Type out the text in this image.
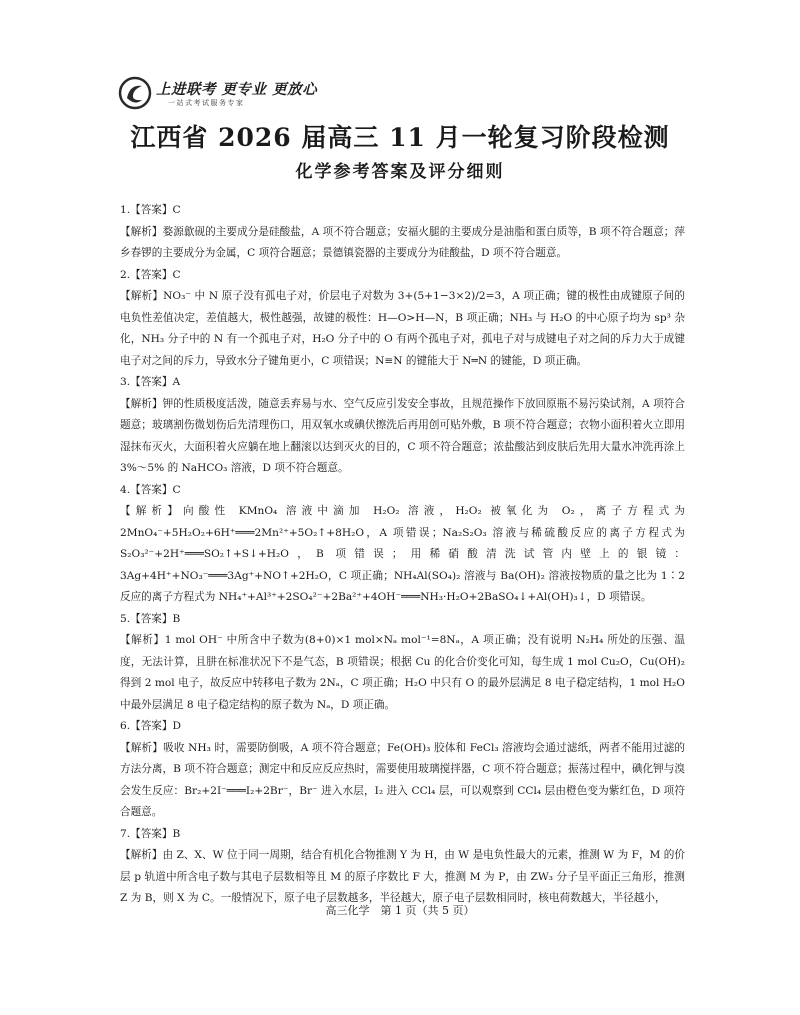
上进联考 更专业 更放心
一站式考试服务专家
江西省 2026 届高三 11 月一轮复习阶段检测
化学参考答案及评分细则

1.【答案】C

【解析】婺源歙砚的主要成分是硅酸盐，A 项不符合题意；安福火腿的主要成分是油脂和蛋白质等，B 项不符合题意；萍乡春锣的主要成分为金属，C 项符合题意；景德镇瓷器的主要成分为硅酸盐，D 项不符合题意。

2.【答案】C

【解析】NO₃⁻ 中 N 原子没有孤电子对，价层电子对数为 3+(5+1−3×2)/2=3，A 项正确；键的极性由成键原子间的电负性差值决定，差值越大，极性越强，故键的极性：H—O>H—N，B 项正确；NH₃ 与 H₂O 的中心原子均为 sp³ 杂化，NH₃ 分子中的 N 有一个孤电子对，H₂O 分子中的 O 有两个孤电子对，孤电子对与成键电子对之间的斥力大于成键电子对之间的斥力，导致水分子键角更小，C 项错误；N≡N 的键能大于 N═N 的键能，D 项正确。

3.【答案】A

【解析】钾的性质极度活泼，随意丢弃易与水、空气反应引发安全事故，且规范操作下放回原瓶不易污染试剂，A 项符合题意；玻璃割伤微划伤后先清理伤口，用双氧水或碘伏擦洗后再用创可贴外敷，B 项不符合题意；衣物小面积着火立即用湿抹布灭火，大面积着火应躺在地上翻滚以达到灭火的目的，C 项不符合题意；浓盐酸沾到皮肤后先用大量水冲洗再涂上 3%～5% 的 NaHCO₃ 溶液，D 项不符合题意。

4.【答案】C

【解析】向酸性 KMnO₄ 溶液中滴加 H₂O₂ 溶液，H₂O₂ 被氧化为 O₂，离子方程式为 2MnO₄⁻+5H₂O₂+6H⁺═══2Mn²⁺+5O₂↑+8H₂O，A 项错误；Na₂S₂O₃ 溶液与稀硫酸反应的离子方程式为 S₂O₃²⁻+2H⁺═══SO₂↑+S↓+H₂O，B 项错误；用稀硝酸清洗试管内壁上的银镜：3Ag+4H⁺+NO₃⁻═══3Ag⁺+NO↑+2H₂O，C 项正确；NH₄Al(SO₄)₂ 溶液与 Ba(OH)₂ 溶液按物质的量之比为 1∶2 反应的离子方程式为 NH₄⁺+Al³⁺+2SO₄²⁻+2Ba²⁺+4OH⁻═══NH₃·H₂O+2BaSO₄↓+Al(OH)₃↓，D 项错误。

5.【答案】B

【解析】1 mol OH⁻ 中所含中子数为(8+0)×1 mol×Nₐ mol⁻¹=8Nₐ，A 项正确；没有说明 N₂H₄ 所处的压强、温度，无法计算，且肼在标准状况下不是气态，B 项错误；根据 Cu 的化合价变化可知，每生成 1 mol Cu₂O，Cu(OH)₂ 得到 2 mol 电子，故反应中转移电子数为 2Nₐ，C 项正确；H₂O 中只有 O 的最外层满足 8 电子稳定结构，1 mol H₂O 中最外层满足 8 电子稳定结构的原子数为 Nₐ，D 项正确。

6.【答案】D

【解析】吸收 NH₃ 时，需要防倒吸，A 项不符合题意；Fe(OH)₃ 胶体和 FeCl₃ 溶液均会通过滤纸，两者不能用过滤的方法分离，B 项不符合题意；测定中和反应反应热时，需要使用玻璃搅拌器，C 项不符合题意；振荡过程中，碘化钾与溴会发生反应：Br₂+2I⁻═══I₂+2Br⁻，Br⁻ 进入水层，I₂ 进入 CCl₄ 层，可以观察到 CCl₄ 层由橙色变为紫红色，D 项符合题意。

7.【答案】B

【解析】由 Z、X、W 位于同一周期，结合有机化合物推测 Y 为 H，由 W 是电负性最大的元素，推测 W 为 F，M 的价层 p 轨道中所含电子数与其电子层数相等且 M 的原子序数比 F 大，推测 M 为 P，由 ZW₃ 分子呈平面正三角形，推测 Z 为 B，则 X 为 C。一般情况下，原子电子层数越多，半径越大，原子电子层数相同时，核电荷数越大，半径越小，

高三化学　第 1 页（共 5 页）
